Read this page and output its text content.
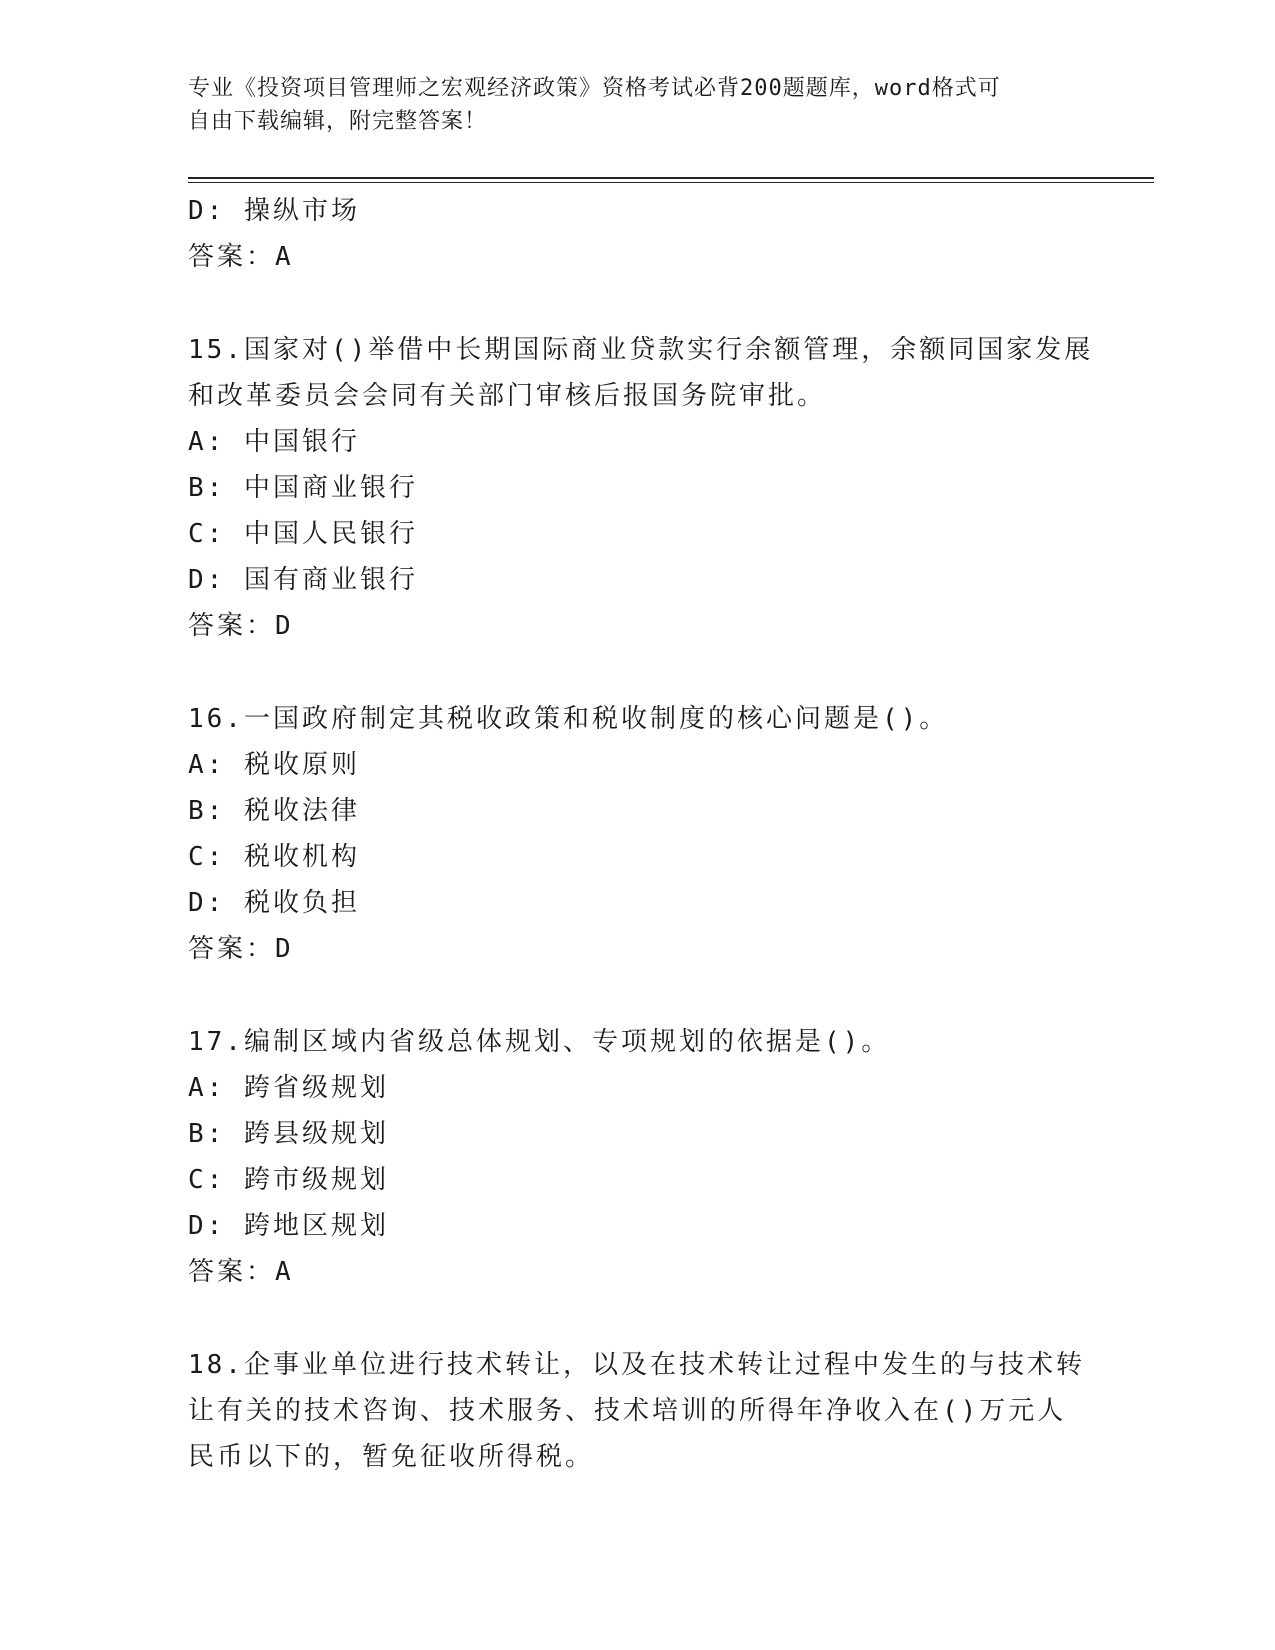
专业《投资项目管理师之宏观经济政策》资格考试必背200题题库，word格式可
自由下载编辑，附完整答案！
D: 操纵市场
答案：A
15.国家对()举借中长期国际商业贷款实行余额管理，余额同国家发展
和改革委员会会同有关部门审核后报国务院审批。
A: 中国银行
B: 中国商业银行
C: 中国人民银行
D: 国有商业银行
答案：D
16.一国政府制定其税收政策和税收制度的核心问题是()。
A: 税收原则
B: 税收法律
C: 税收机构
D: 税收负担
答案：D
17.编制区域内省级总体规划、专项规划的依据是()。
A: 跨省级规划
B: 跨县级规划
C: 跨市级规划
D: 跨地区规划
答案：A
18.企事业单位进行技术转让，以及在技术转让过程中发生的与技术转
让有关的技术咨询、技术服务、技术培训的所得年净收入在()万元人
民币以下的，暂免征收所得税。
